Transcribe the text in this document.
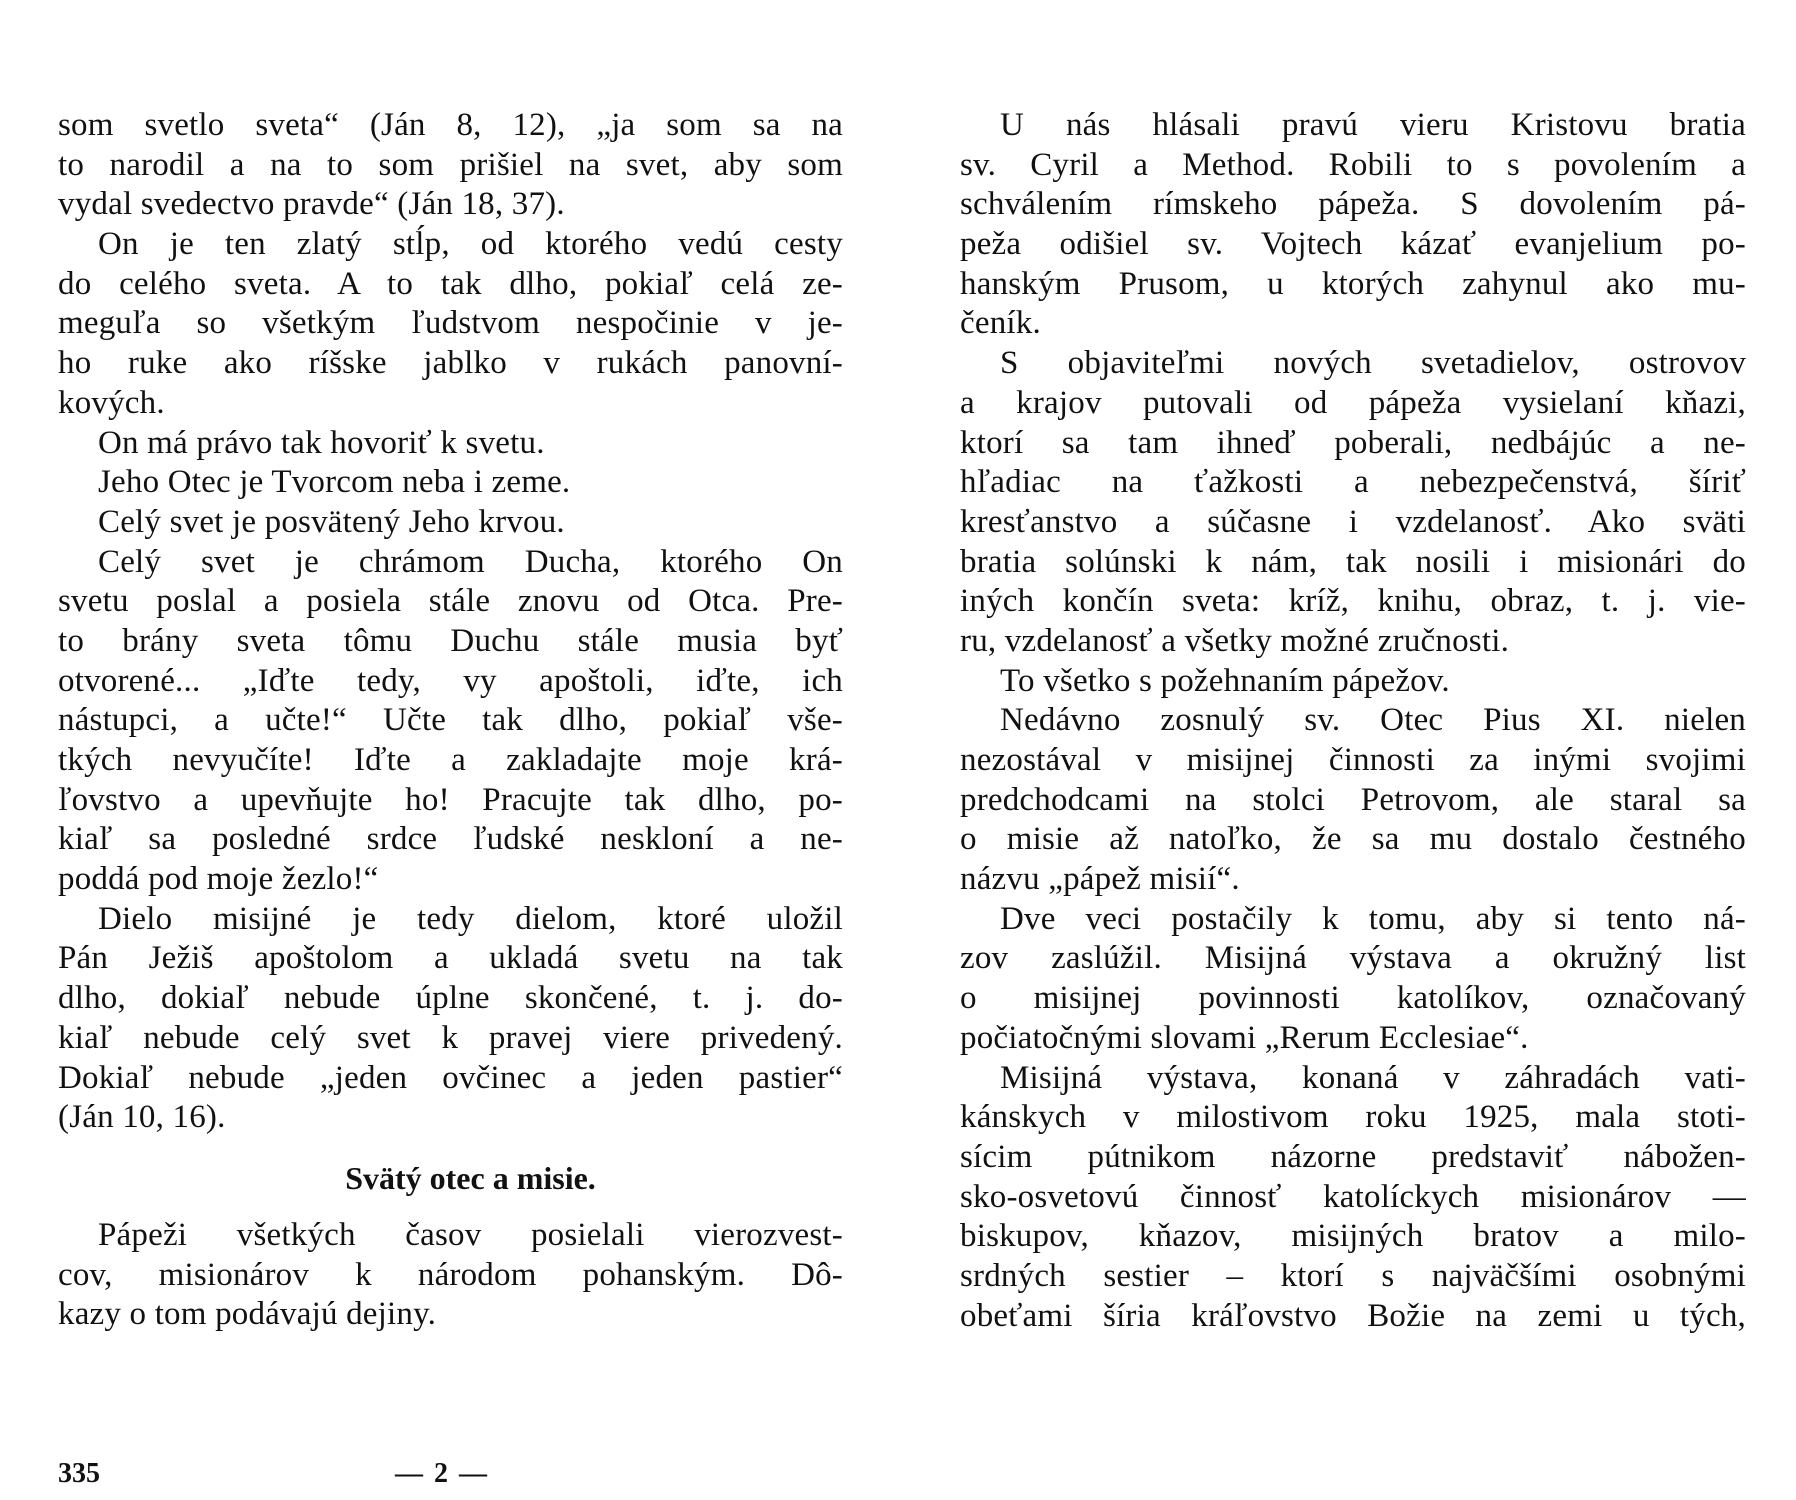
som svetlo sveta“ (Ján 8, 12), „ja som sa na
to narodil a na to som prišiel na svet, aby som
vydal svedectvo pravde“ (Ján 18, 37).
On je ten zlatý stĺp, od ktorého vedú cesty
do celého sveta. A to tak dlho, pokiaľ celá ze-
meguľa so všetkým ľudstvom nespočinie v je-
ho ruke ako ríšske jablko v rukách panovní-
kových.
On má právo tak hovoriť k svetu.
Jeho Otec je Tvorcom neba i zeme.
Celý svet je posvätený Jeho krvou.
Celý svet je chrámom Ducha, ktorého On
svetu poslal a posiela stále znovu od Otca. Pre-
to brány sveta tômu Duchu stále musia byť
otvorené... „Iďte tedy, vy apoštoli, iďte, ich
nástupci, a učte!“ Učte tak dlho, pokiaľ vše-
tkých nevyučíte! Iďte a zakladajte moje krá-
ľovstvo a upevňujte ho! Pracujte tak dlho, po-
kiaľ sa posledné srdce ľudské neskloní a ne-
poddá pod moje žezlo!“
Dielo misijné je tedy dielom, ktoré uložil
Pán Ježiš apoštolom a ukladá svetu na tak
dlho, dokiaľ nebude úplne skončené, t. j. do-
kiaľ nebude celý svet k pravej viere privedený.
Dokiaľ nebude „jeden ovčinec a jeden pastier“
(Ján 10, 16).
Svätý otec a misie.
Pápeži všetkých časov posielali vierozvest-
cov, misionárov k národom pohanským. Dô-
kazy o tom podávajú dejiny.
U nás hlásali pravú vieru Kristovu bratia
sv. Cyril a Method. Robili to s povolením a
schválením rímskeho pápeža. S dovolením pá-
peža odišiel sv. Vojtech kázať evanjelium po-
hanským Prusom, u ktorých zahynul ako mu-
čeník.
S objaviteľmi nových svetadielov, ostrovov
a krajov putovali od pápeža vysielaní kňazi,
ktorí sa tam ihneď poberali, nedbájúc a ne-
hľadiac na ťažkosti a nebezpečenstvá, šíriť
kresťanstvo a súčasne i vzdelanosť. Ako sväti
bratia solúnski k nám, tak nosili i misionári do
iných končín sveta: kríž, knihu, obraz, t. j. vie-
ru, vzdelanosť a všetky možné zručnosti.
To všetko s požehnaním pápežov.
Nedávno zosnulý sv. Otec Pius XI. nielen
nezostával v misijnej činnosti za inými svojimi
predchodcami na stolci Petrovom, ale staral sa
o misie až natoľko, že sa mu dostalo čestného
názvu „pápež misií“.
Dve veci postačily k tomu, aby si tento ná-
zov zaslúžil. Misijná výstava a okružný list
o misijnej povinnosti katolíkov, označovaný
počiatočnými slovami „Rerum Ecclesiae“.
Misijná výstava, konaná v záhradách vati-
kánskych v milostivom roku 1925, mala stoti-
sícim pútnikom názorne predstaviť nábožen-
sko-osvetovú činnosť katolíckych misionárov —
biskupov, kňazov, misijných bratov a milo-
srdných sestier – ktorí s najväčšími osobnými
obeťami šíria kráľovstvo Božie na zemi u tých,
335	— 2 —
